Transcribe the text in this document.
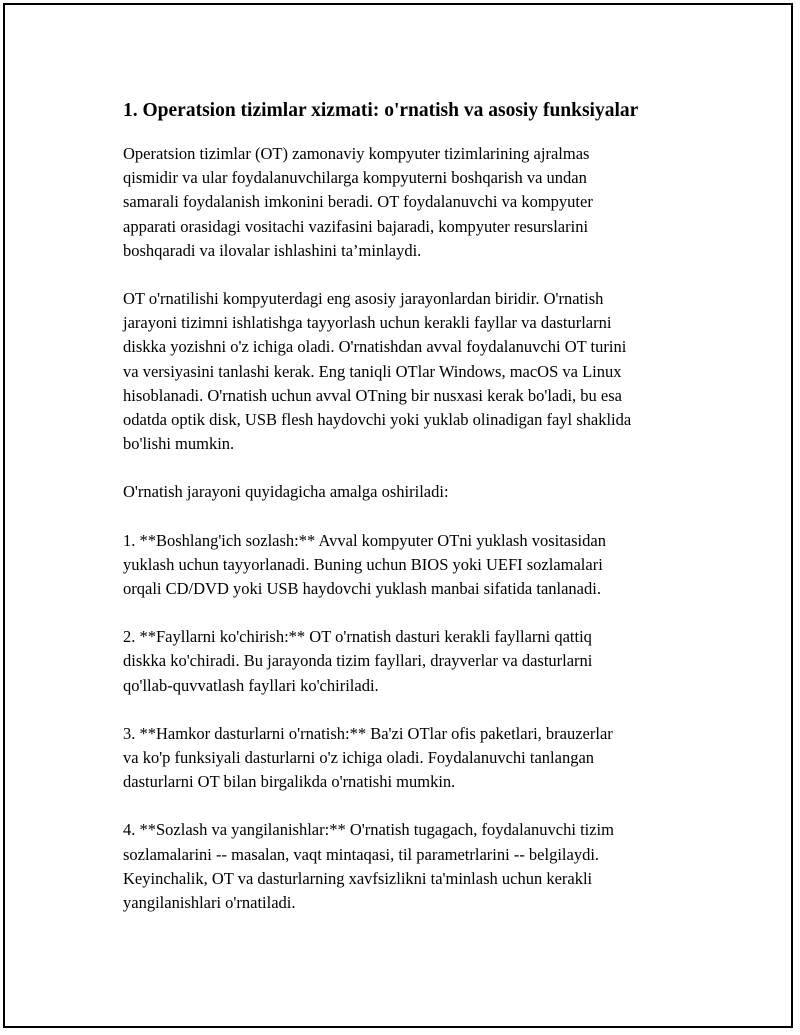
1. Operatsion tizimlar xizmati: o'rnatish va asosiy funksiyalar

Operatsion tizimlar (OT) zamonaviy kompyuter tizimlarining ajralmas
qismidir va ular foydalanuvchilarga kompyuterni boshqarish va undan
samarali foydalanish imkonini beradi. OT foydalanuvchi va kompyuter
apparati orasidagi vositachi vazifasini bajaradi, kompyuter resurslarini
boshqaradi va ilovalar ishlashini ta’minlaydi.

OT o'rnatilishi kompyuterdagi eng asosiy jarayonlardan biridir. O'rnatish
jarayoni tizimni ishlatishga tayyorlash uchun kerakli fayllar va dasturlarni
diskka yozishni o'z ichiga oladi. O'rnatishdan avval foydalanuvchi OT turini
va versiyasini tanlashi kerak. Eng taniqli OTlar Windows, macOS va Linux
hisoblanadi. O'rnatish uchun avval OTning bir nusxasi kerak bo'ladi, bu esa
odatda optik disk, USB flesh haydovchi yoki yuklab olinadigan fayl shaklida
bo'lishi mumkin.

O'rnatish jarayoni quyidagicha amalga oshiriladi:

1. **Boshlang'ich sozlash:** Avval kompyuter OTni yuklash vositasidan
yuklash uchun tayyorlanadi. Buning uchun BIOS yoki UEFI sozlamalari
orqali CD/DVD yoki USB haydovchi yuklash manbai sifatida tanlanadi.

2. **Fayllarni ko'chirish:** OT o'rnatish dasturi kerakli fayllarni qattiq
diskka ko'chiradi. Bu jarayonda tizim fayllari, drayverlar va dasturlarni
qo'llab-quvvatlash fayllari ko'chiriladi.

3. **Hamkor dasturlarni o'rnatish:** Ba'zi OTlar ofis paketlari, brauzerlar
va ko'p funksiyali dasturlarni o'z ichiga oladi. Foydalanuvchi tanlangan
dasturlarni OT bilan birgalikda o'rnatishi mumkin.

4. **Sozlash va yangilanishlar:** O'rnatish tugagach, foydalanuvchi tizim
sozlamalarini -- masalan, vaqt mintaqasi, til parametrlarini -- belgilaydi.
Keyinchalik, OT va dasturlarning xavfsizlikni ta'minlash uchun kerakli
yangilanishlari o'rnatiladi.
